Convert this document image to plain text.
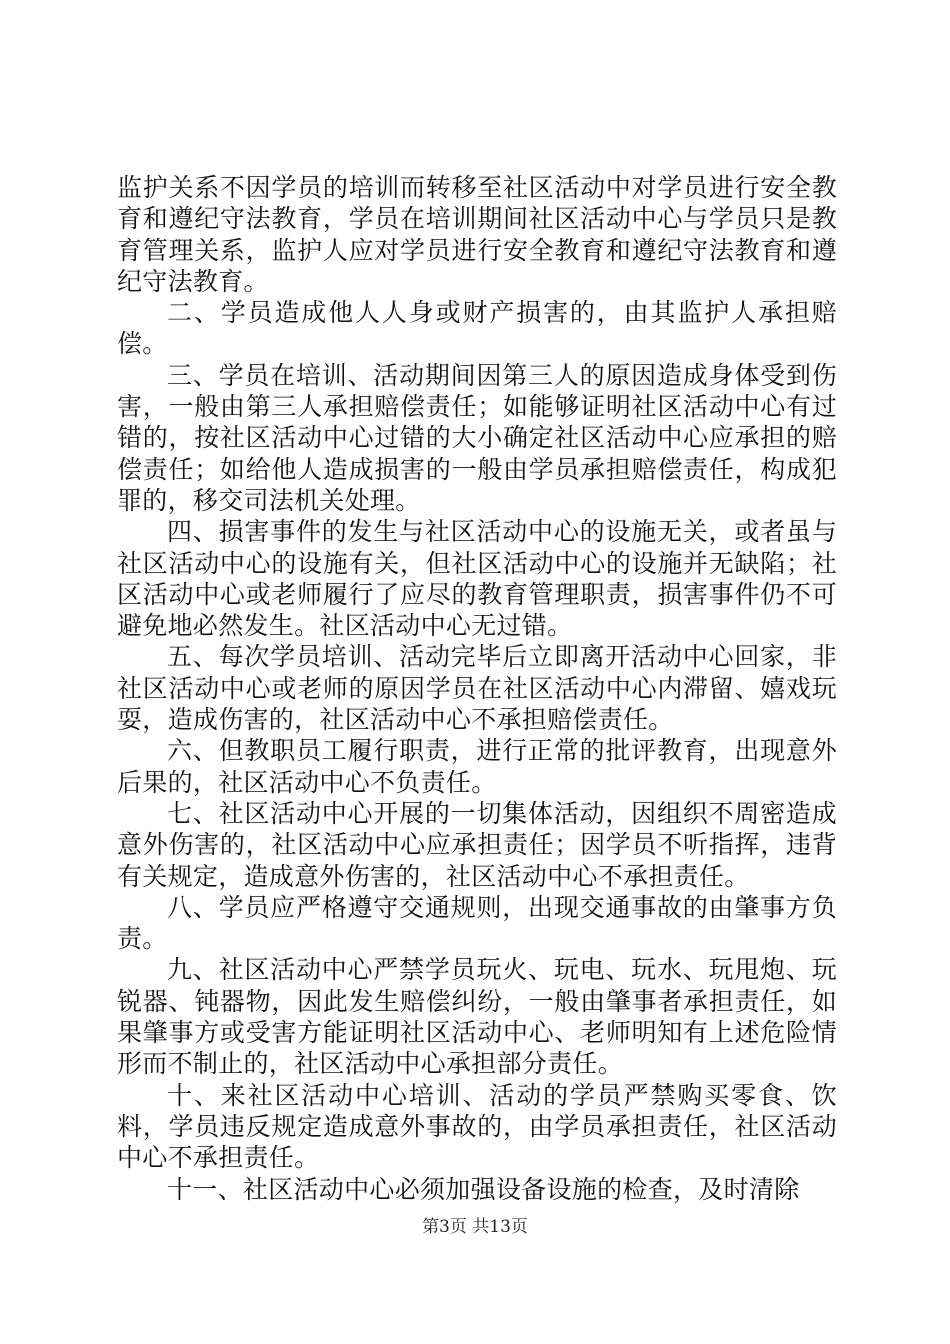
监护关系不因学员的培训而转移至社区活动中对学员进行安全教育和遵纪守法教育，学员在培训期间社区活动中心与学员只是教育管理关系，监护人应对学员进行安全教育和遵纪守法教育和遵纪守法教育。

二、学员造成他人人身或财产损害的，由其监护人承担赔偿。

三、学员在培训、活动期间因第三人的原因造成身体受到伤害，一般由第三人承担赔偿责任；如能够证明社区活动中心有过错的，按社区活动中心过错的大小确定社区活动中心应承担的赔偿责任；如给他人造成损害的一般由学员承担赔偿责任，构成犯罪的，移交司法机关处理。

四、损害事件的发生与社区活动中心的设施无关，或者虽与社区活动中心的设施有关，但社区活动中心的设施并无缺陷；社区活动中心或老师履行了应尽的教育管理职责，损害事件仍不可避免地必然发生。社区活动中心无过错。

五、每次学员培训、活动完毕后立即离开活动中心回家，非社区活动中心或老师的原因学员在社区活动中心内滞留、嬉戏玩耍，造成伤害的，社区活动中心不承担赔偿责任。

六、但教职员工履行职责，进行正常的批评教育，出现意外后果的，社区活动中心不负责任。

七、社区活动中心开展的一切集体活动，因组织不周密造成意外伤害的，社区活动中心应承担责任；因学员不听指挥，违背有关规定，造成意外伤害的，社区活动中心不承担责任。

八、学员应严格遵守交通规则，出现交通事故的由肇事方负责。

九、社区活动中心严禁学员玩火、玩电、玩水、玩甩炮、玩锐器、钝器物，因此发生赔偿纠纷，一般由肇事者承担责任，如果肇事方或受害方能证明社区活动中心、老师明知有上述危险情形而不制止的，社区活动中心承担部分责任。

十、来社区活动中心培训、活动的学员严禁购买零食、饮料，学员违反规定造成意外事故的，由学员承担责任，社区活动中心不承担责任。

十一、社区活动中心必须加强设备设施的检查，及时清除

第3页 共13页
